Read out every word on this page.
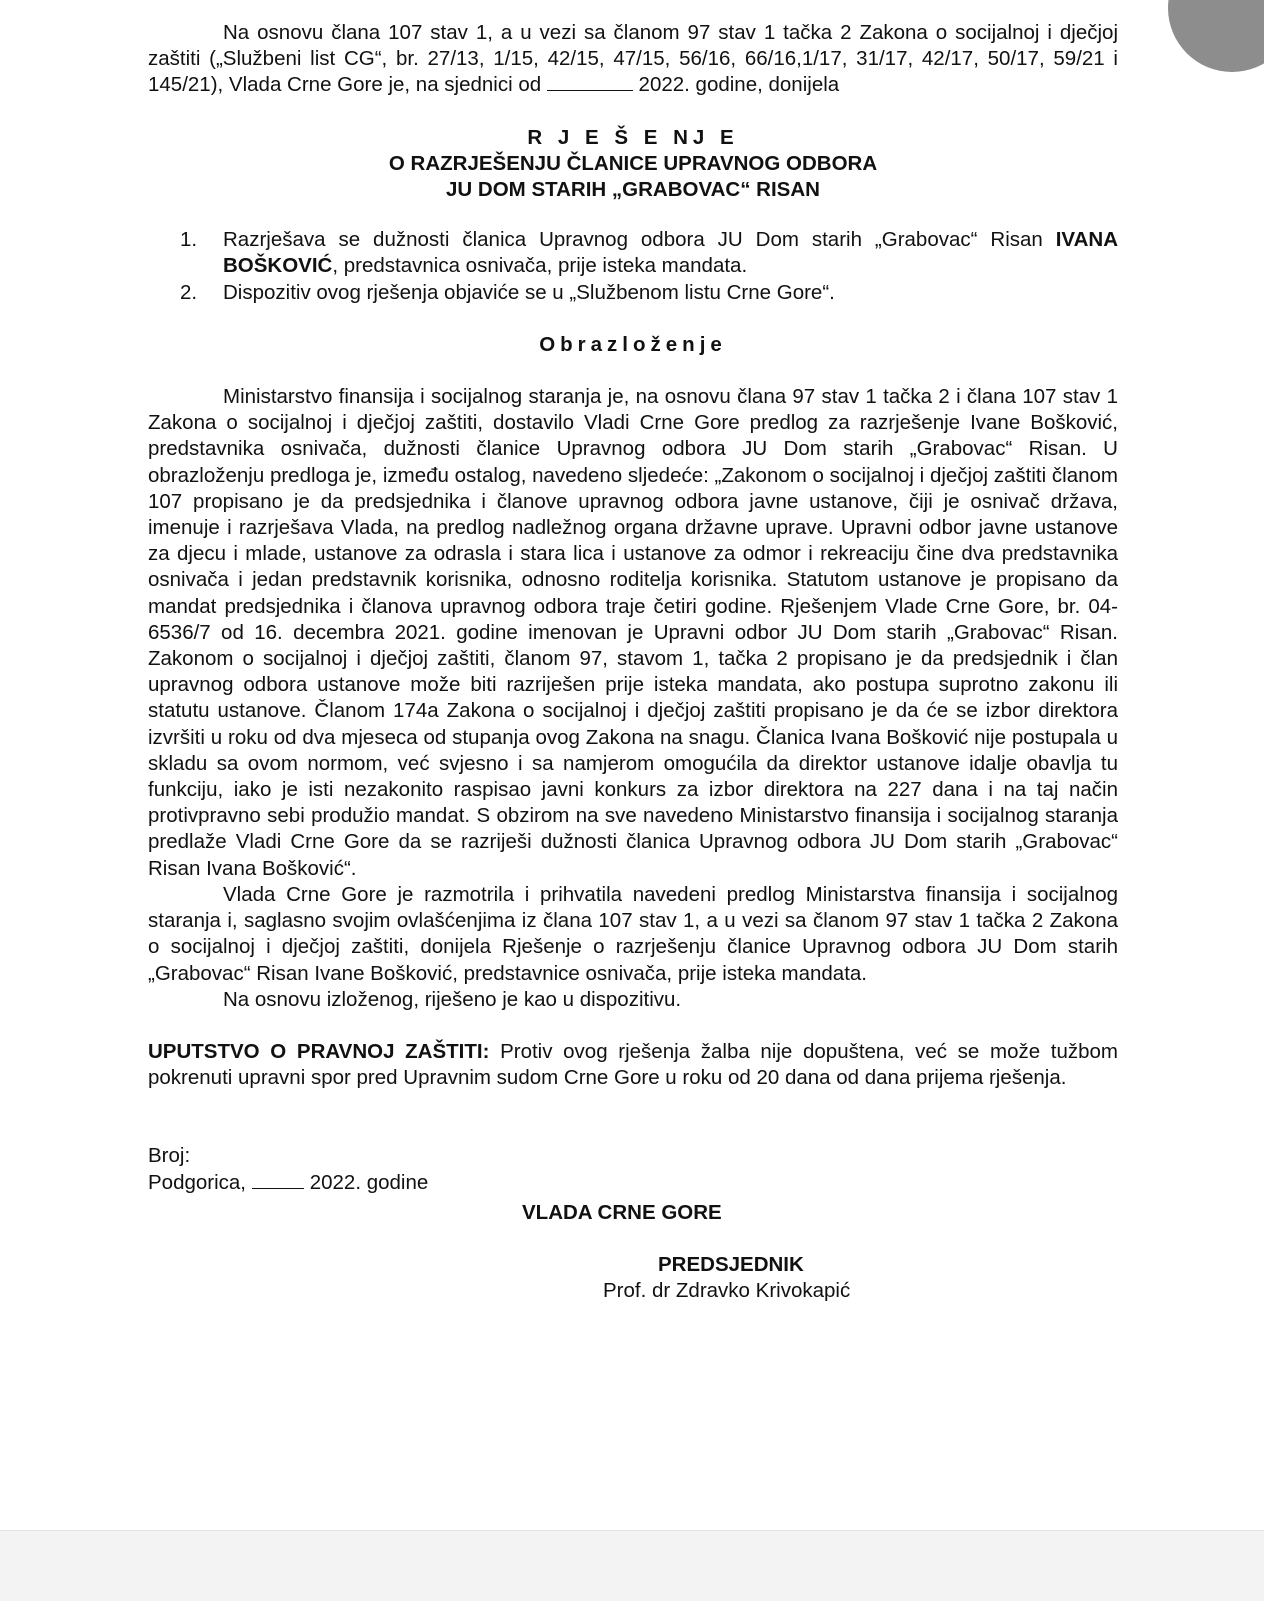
Na osnovu člana 107 stav 1, a u vezi sa članom 97 stav 1 tačka 2 Zakona o socijalnoj i dječjoj zaštiti („Službeni list CG“, br. 27/13, 1/15, 42/15, 47/15, 56/16, 66/16,1/17, 31/17, 42/17, 50/17, 59/21 i 145/21), Vlada Crne Gore je, na sjednici od	2022. godine, donijela

R J E Š E NJ E
O RAZRJEŠENJU ČLANICE UPRAVNOG ODBORA
JU DOM STARIH „GRABOVAC“ RISAN
1. Razrješava se dužnosti članica Upravnog odbora JU Dom starih „Grabovac“ Risan IVANA BOŠKOVIĆ, predstavnica osnivača, prije isteka mandata.
2. Dispozitiv ovog rješenja objaviće se u „Službenom listu Crne Gore“.
Obrazloženje

Ministarstvo finansija i socijalnog staranja je, na osnovu člana 97 stav 1 tačka 2 i člana 107 stav 1 Zakona o socijalnoj i dječjoj zaštiti, dostavilo Vladi Crne Gore predlog za razrješenje Ivane Bošković, predstavnika osnivača, dužnosti članice Upravnog odbora JU Dom starih „Grabovac“ Risan. U obrazloženju predloga je, između ostalog, navedeno sljedeće: „Zakonom o socijalnoj i dječjoj zaštiti članom 107 propisano je da predsjednika i članove upravnog odbora javne ustanove, čiji je osnivač država, imenuje i razrješava Vlada, na predlog nadležnog organa državne uprave. Upravni odbor javne ustanove za djecu i mlade, ustanove za odrasla i stara lica i ustanove za odmor i rekreaciju čine dva predstavnika osnivača i jedan predstavnik korisnika, odnosno roditelja korisnika. Statutom ustanove je propisano da mandat predsjednika i članova upravnog odbora traje četiri godine. Rješenjem Vlade Crne Gore, br. 04-6536/7 od 16. decembra 2021. godine imenovan je Upravni odbor JU Dom starih „Grabovac“ Risan. Zakonom o socijalnoj i dječjoj zaštiti, članom 97, stavom 1, tačka 2 propisano je da predsjednik i član upravnog odbora ustanove može biti razriješen prije isteka mandata, ako postupa suprotno zakonu ili statutu ustanove. Članom 174a Zakona o socijalnoj i dječjoj zaštiti propisano je da će se izbor direktora izvršiti u roku od dva mjeseca od stupanja ovog Zakona na snagu. Članica Ivana Bošković nije postupala u skladu sa ovom normom, već svjesno i sa namjerom omogućila da direktor ustanove idalje obavlja tu funkciju, iako je isti nezakonito raspisao javni konkurs za izbor direktora na 227 dana i na taj način protivpravno sebi produžio mandat. S obzirom na sve navedeno Ministarstvo finansija i socijalnog staranja predlaže Vladi Crne Gore da se razriješi dužnosti članica Upravnog odbora JU Dom starih „Grabovac“ Risan Ivana Bošković“.

Vlada Crne Gore je razmotrila i prihvatila navedeni predlog Ministarstva finansija i socijalnog staranja i, saglasno svojim ovlašćenjima iz člana 107 stav 1, a u vezi sa članom 97 stav 1 tačka 2 Zakona o socijalnoj i dječjoj zaštiti, donijela Rješenje o razrješenju članice Upravnog odbora JU Dom starih „Grabovac“ Risan Ivane Bošković, predstavnice osnivača, prije isteka mandata.

Na osnovu izloženog, riješeno je kao u dispozitivu.

UPUTSTVO O PRAVNOJ ZAŠTITI: Protiv ovog rješenja žalba nije dopuštena, već se može tužbom pokrenuti upravni spor pred Upravnim sudom Crne Gore u roku od 20 dana od dana prijema rješenja.

Broj:
Podgorica,	2022. godine
VLADA CRNE GORE
PREDSJEDNIK
Prof. dr Zdravko Krivokapić
